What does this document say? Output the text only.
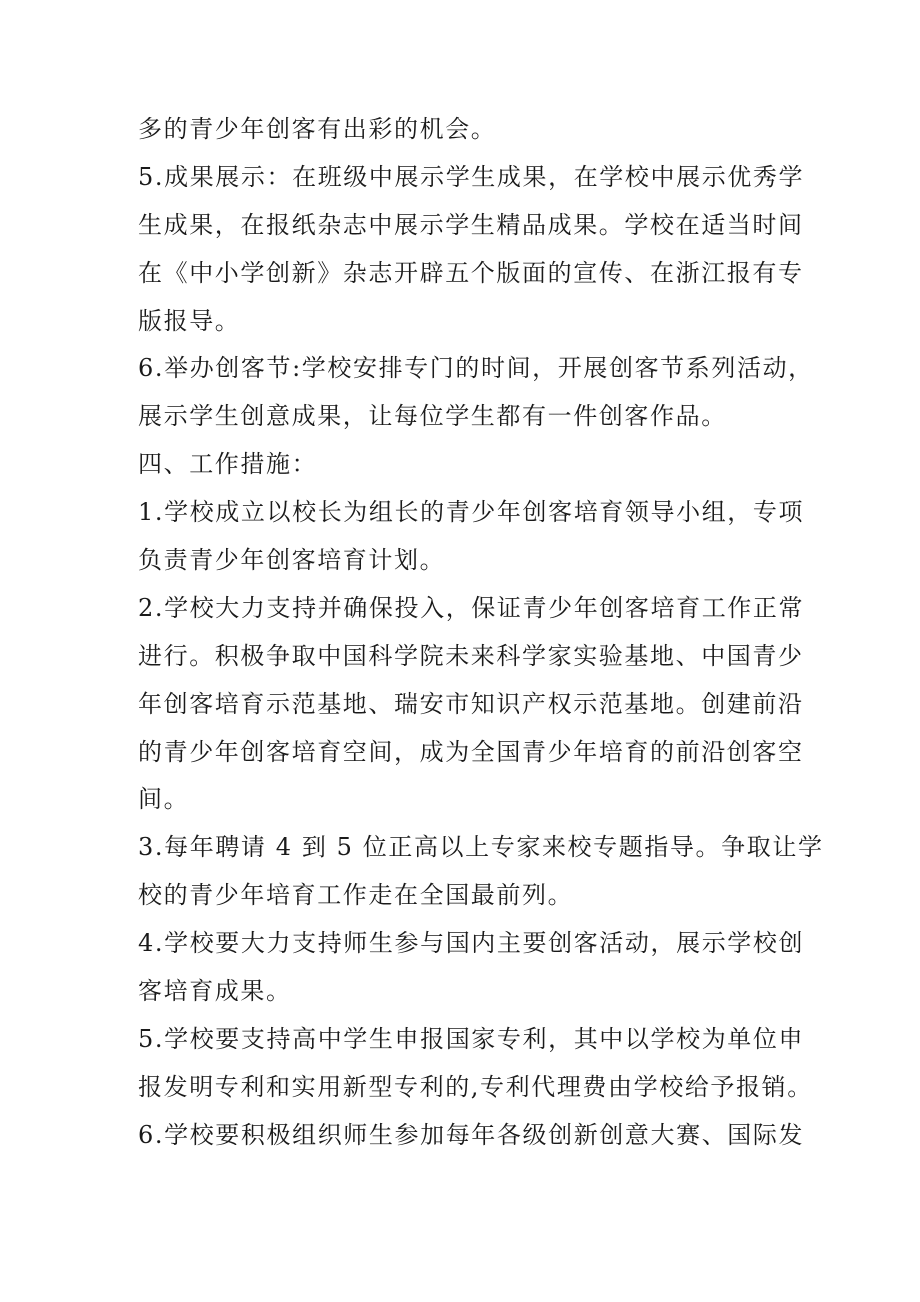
多的青少年创客有出彩的机会。
5.成果展示：在班级中展示学生成果，在学校中展示优秀学
生成果，在报纸杂志中展示学生精品成果。学校在适当时间
在《中小学创新》杂志开辟五个版面的宣传、在浙江报有专
版报导。
6.举办创客节:学校安排专门的时间，开展创客节系列活动，
展示学生创意成果，让每位学生都有一件创客作品。
四、工作措施：
1.学校成立以校长为组长的青少年创客培育领导小组，专项
负责青少年创客培育计划。
2.学校大力支持并确保投入，保证青少年创客培育工作正常
进行。积极争取中国科学院未来科学家实验基地、中国青少
年创客培育示范基地、瑞安市知识产权示范基地。创建前沿
的青少年创客培育空间，成为全国青少年培育的前沿创客空
间。
3.每年聘请 4 到 5 位正高以上专家来校专题指导。争取让学
校的青少年培育工作走在全国最前列。
4.学校要大力支持师生参与国内主要创客活动，展示学校创
客培育成果。
5.学校要支持高中学生申报国家专利，其中以学校为单位申
报发明专利和实用新型专利的,专利代理费由学校给予报销。
6.学校要积极组织师生参加每年各级创新创意大赛、国际发
